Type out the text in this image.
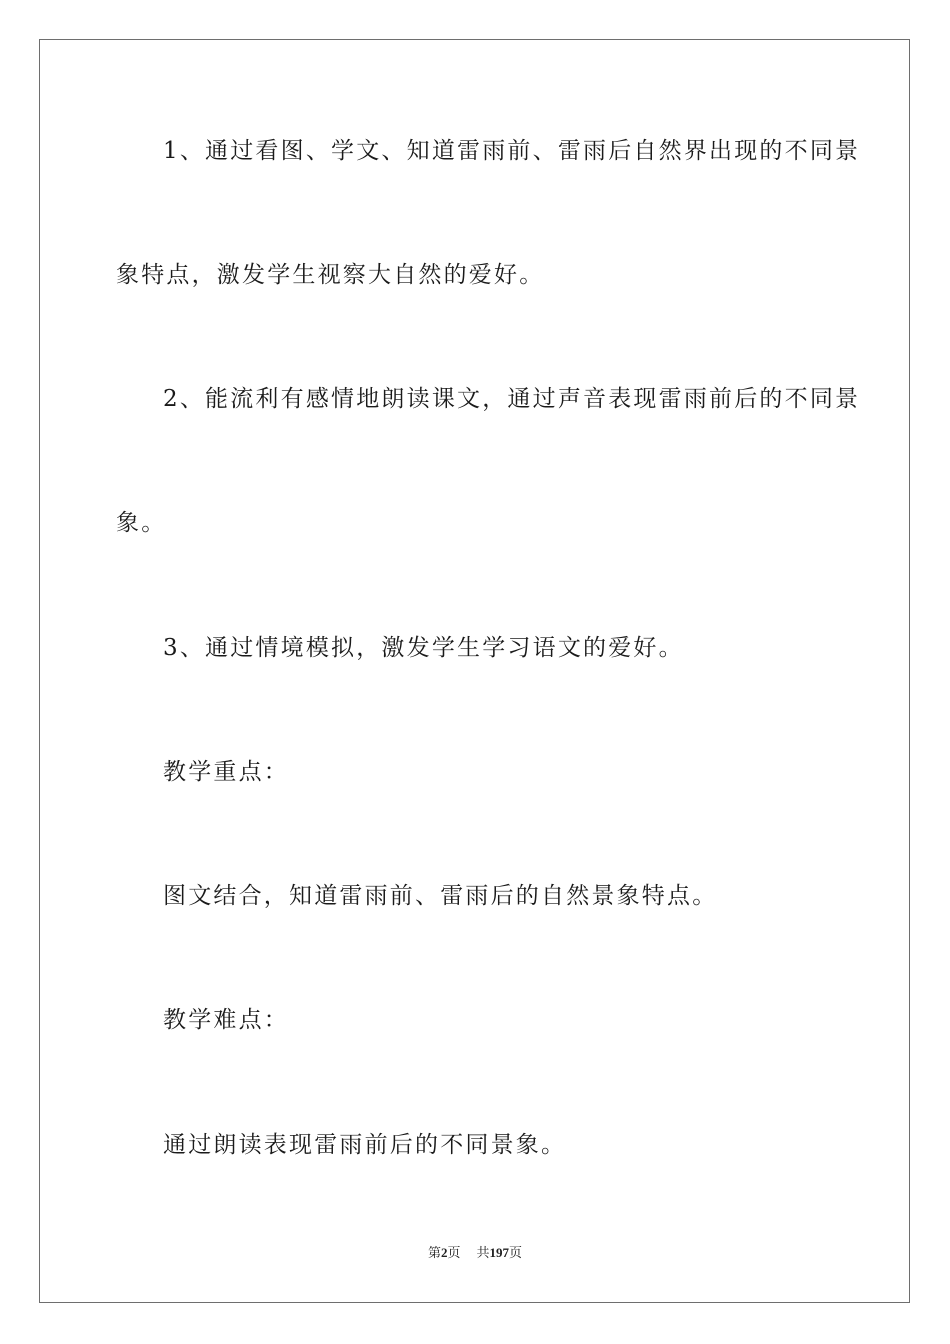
1、通过看图、学文、知道雷雨前、雷雨后自然界出现的不同景
象特点，激发学生视察大自然的爱好。
2、能流利有感情地朗读课文，通过声音表现雷雨前后的不同景
象。
3、通过情境模拟，激发学生学习语文的爱好。
教学重点：
图文结合，知道雷雨前、雷雨后的自然景象特点。
教学难点：
通过朗读表现雷雨前后的不同景象。
第2页 共197页
